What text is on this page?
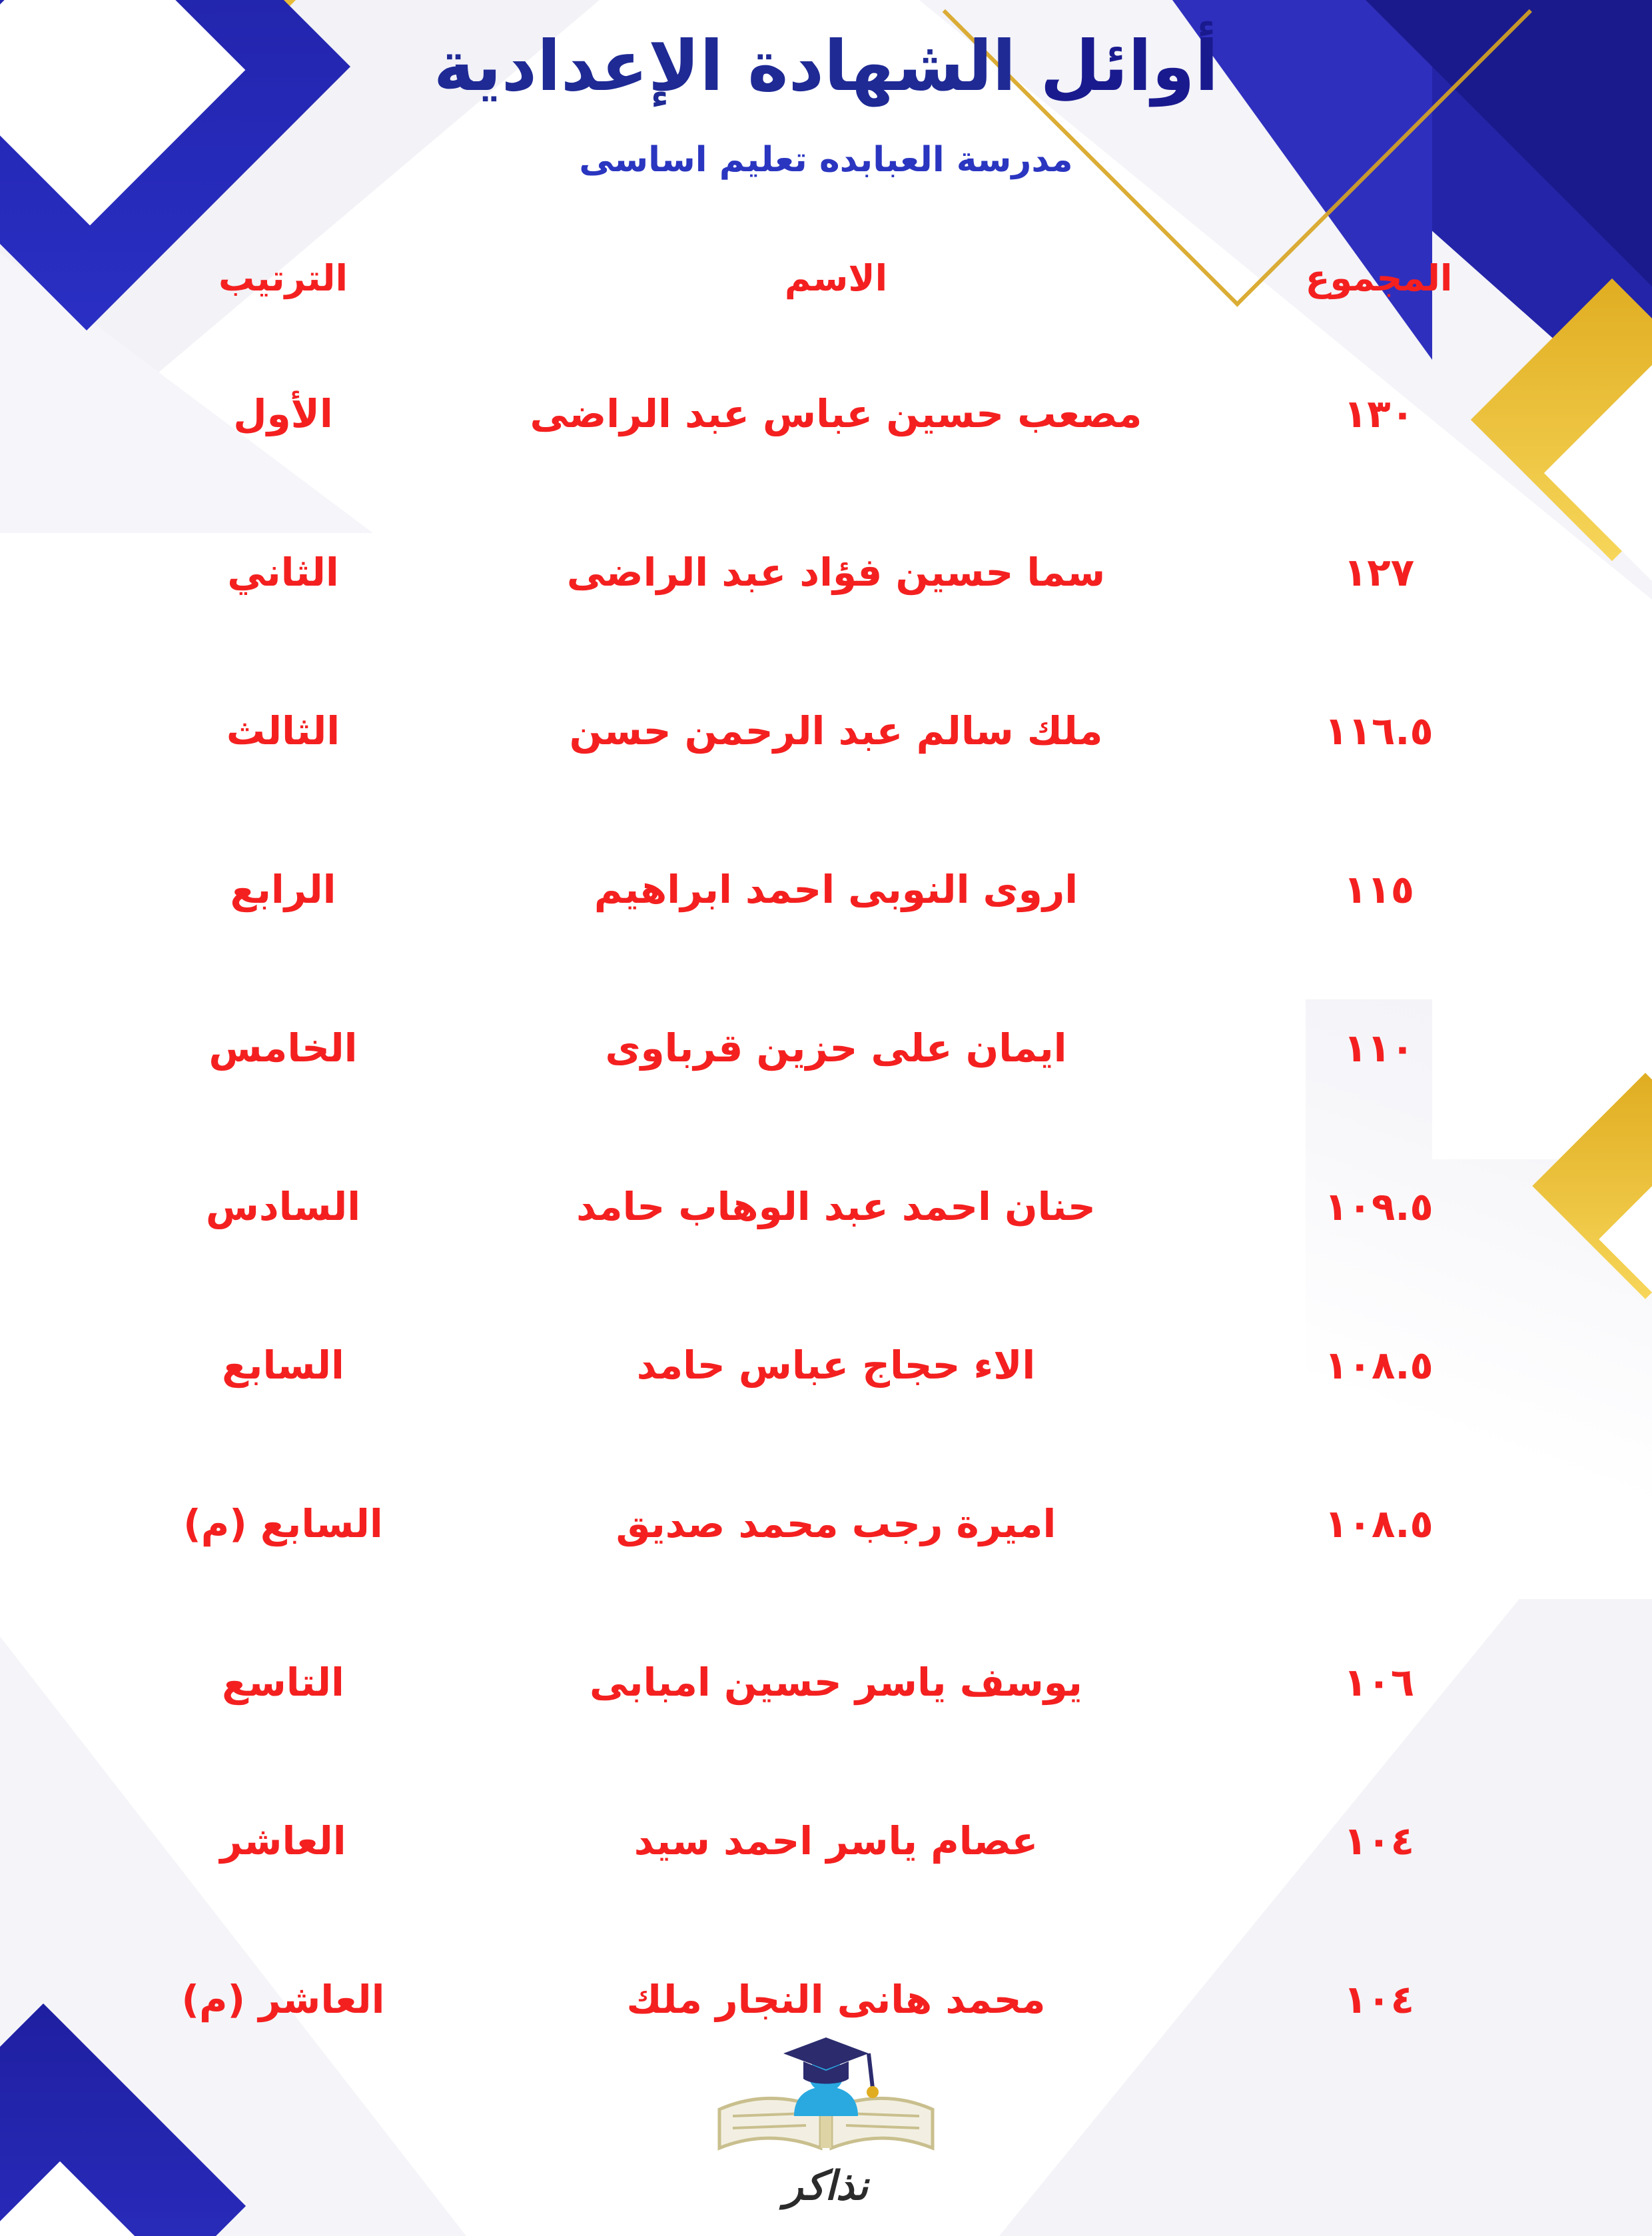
أوائل الشهادة الإعدادية
مدرسة العبابده تعليم اساسى
المجموع	الاسم	الترتيب
١٣٠	مصعب حسين عباس عبد الراضى	الأول
١٢٧	سما حسين فؤاد عبد الراضى	الثاني
١١٦.٥	ملك سالم عبد الرحمن حسن	الثالث
١١٥	اروى النوبى احمد ابراهيم	الرابع
١١٠	ايمان على حزين قرباوى	الخامس
١٠٩.٥	حنان احمد عبد الوهاب حامد	السادس
١٠٨.٥	الاء حجاج عباس حامد	السابع
١٠٨.٥	اميرة رجب محمد صديق	السابع (م)
١٠٦	يوسف ياسر حسين امبابى	التاسع
١٠٤	عصام ياسر احمد سيد	العاشر
١٠٤	محمد هانى النجار ملك	العاشر (م)
نذاكر
